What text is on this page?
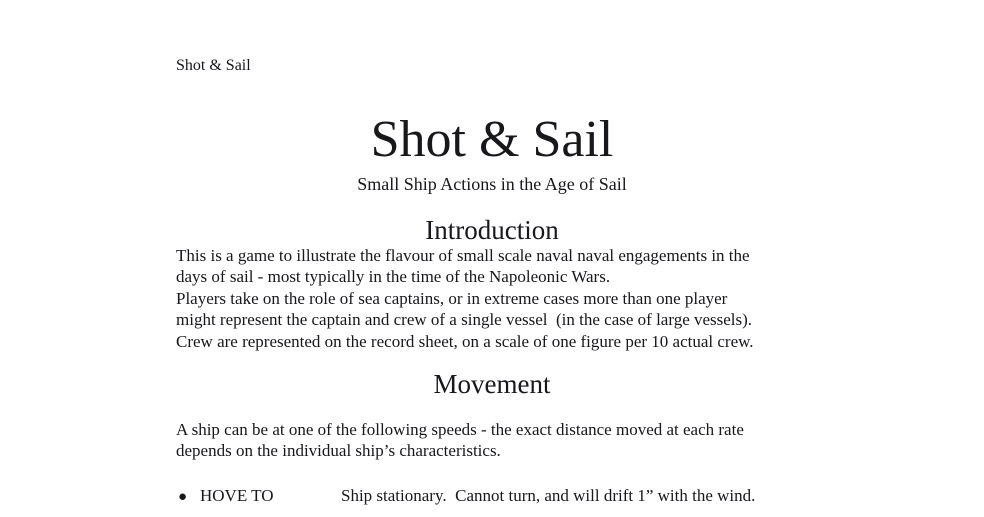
Shot & Sail
Shot & Sail
Small Ship Actions in the Age of Sail
Introduction
This is a game to illustrate the flavour of small scale naval naval engagements in the
days of sail - most typically in the time of the Napoleonic Wars.
Players take on the role of sea captains, or in extreme cases more than one player
might represent the captain and crew of a single vessel  (in the case of large vessels).
Crew are represented on the record sheet, on a scale of one figure per 10 actual crew.
Movement
A ship can be at one of the following speeds - the exact distance moved at each rate
depends on the individual ship’s characteristics.
● HOVE TO	Ship stationary.  Cannot turn, and will drift 1” with the wind.
